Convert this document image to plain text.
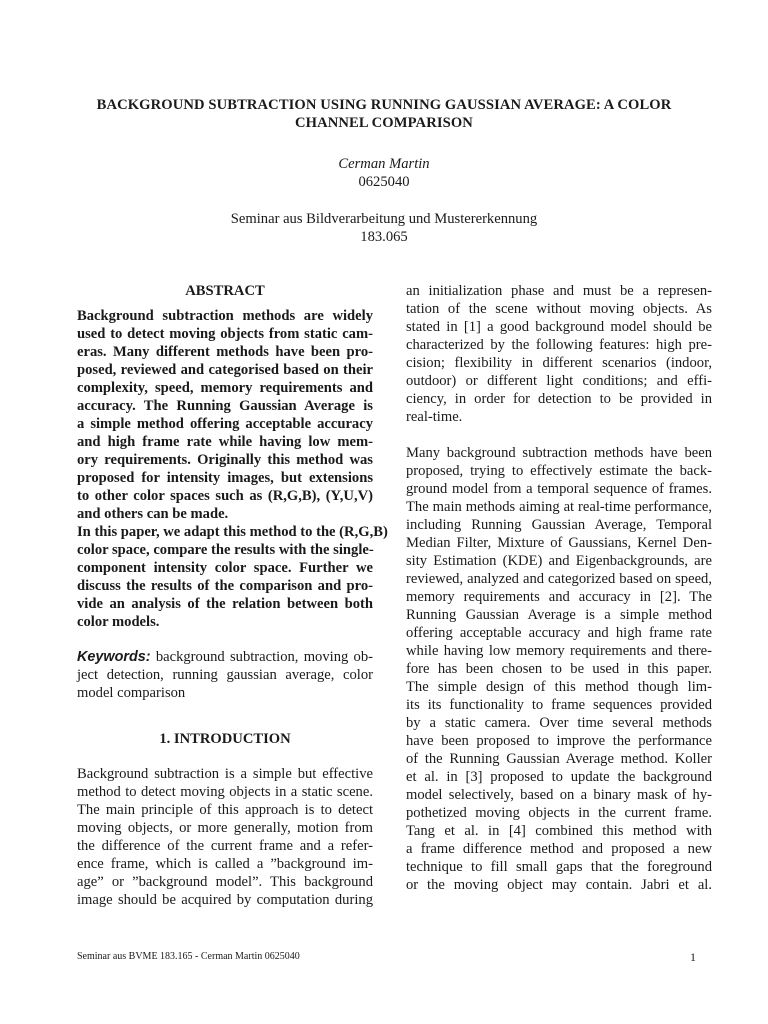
BACKGROUND SUBTRACTION USING RUNNING GAUSSIAN AVERAGE: A COLOR
CHANNEL COMPARISON
Cerman Martin
0625040
Seminar aus Bildverarbeitung und Mustererkennung
183.065
ABSTRACT
Background subtraction methods are widely
used to detect moving objects from static cam-
eras. Many different methods have been pro-
posed, reviewed and categorised based on their
complexity, speed, memory requirements and
accuracy. The Running Gaussian Average is
a simple method offering acceptable accuracy
and high frame rate while having low mem-
ory requirements. Originally this method was
proposed for intensity images, but extensions
to other color spaces such as (R,G,B), (Y,U,V)
and others can be made.
In this paper, we adapt this method to the (R,G,B)
color space, compare the results with the single-
component intensity color space. Further we
discuss the results of the comparison and pro-
vide an analysis of the relation between both
color models.
Keywords: background subtraction, moving ob-
ject detection, running gaussian average, color
model comparison
1. INTRODUCTION
Background subtraction is a simple but effective
method to detect moving objects in a static scene.
The main principle of this approach is to detect
moving objects, or more generally, motion from
the difference of the current frame and a refer-
ence frame, which is called a ”background im-
age” or ”background model”. This background
image should be acquired by computation during
an initialization phase and must be a represen-
tation of the scene without moving objects. As
stated in [1] a good background model should be
characterized by the following features: high pre-
cision; flexibility in different scenarios (indoor,
outdoor) or different light conditions; and effi-
ciency, in order for detection to be provided in
real-time.
Many background subtraction methods have been
proposed, trying to effectively estimate the back-
ground model from a temporal sequence of frames.
The main methods aiming at real-time performance,
including Running Gaussian Average, Temporal
Median Filter, Mixture of Gaussians, Kernel Den-
sity Estimation (KDE) and Eigenbackgrounds, are
reviewed, analyzed and categorized based on speed,
memory requirements and accuracy in [2]. The
Running Gaussian Average is a simple method
offering acceptable accuracy and high frame rate
while having low memory requirements and there-
fore has been chosen to be used in this paper.
The simple design of this method though lim-
its its functionality to frame sequences provided
by a static camera. Over time several methods
have been proposed to improve the performance
of the Running Gaussian Average method. Koller
et al. in [3] proposed to update the background
model selectively, based on a binary mask of hy-
pothetized moving objects in the current frame.
Tang et al. in [4] combined this method with
a frame difference method and proposed a new
technique to fill small gaps that the foreground
or the moving object may contain. Jabri et al.
Seminar aus BVME 183.165 - Cerman Martin 0625040	1
